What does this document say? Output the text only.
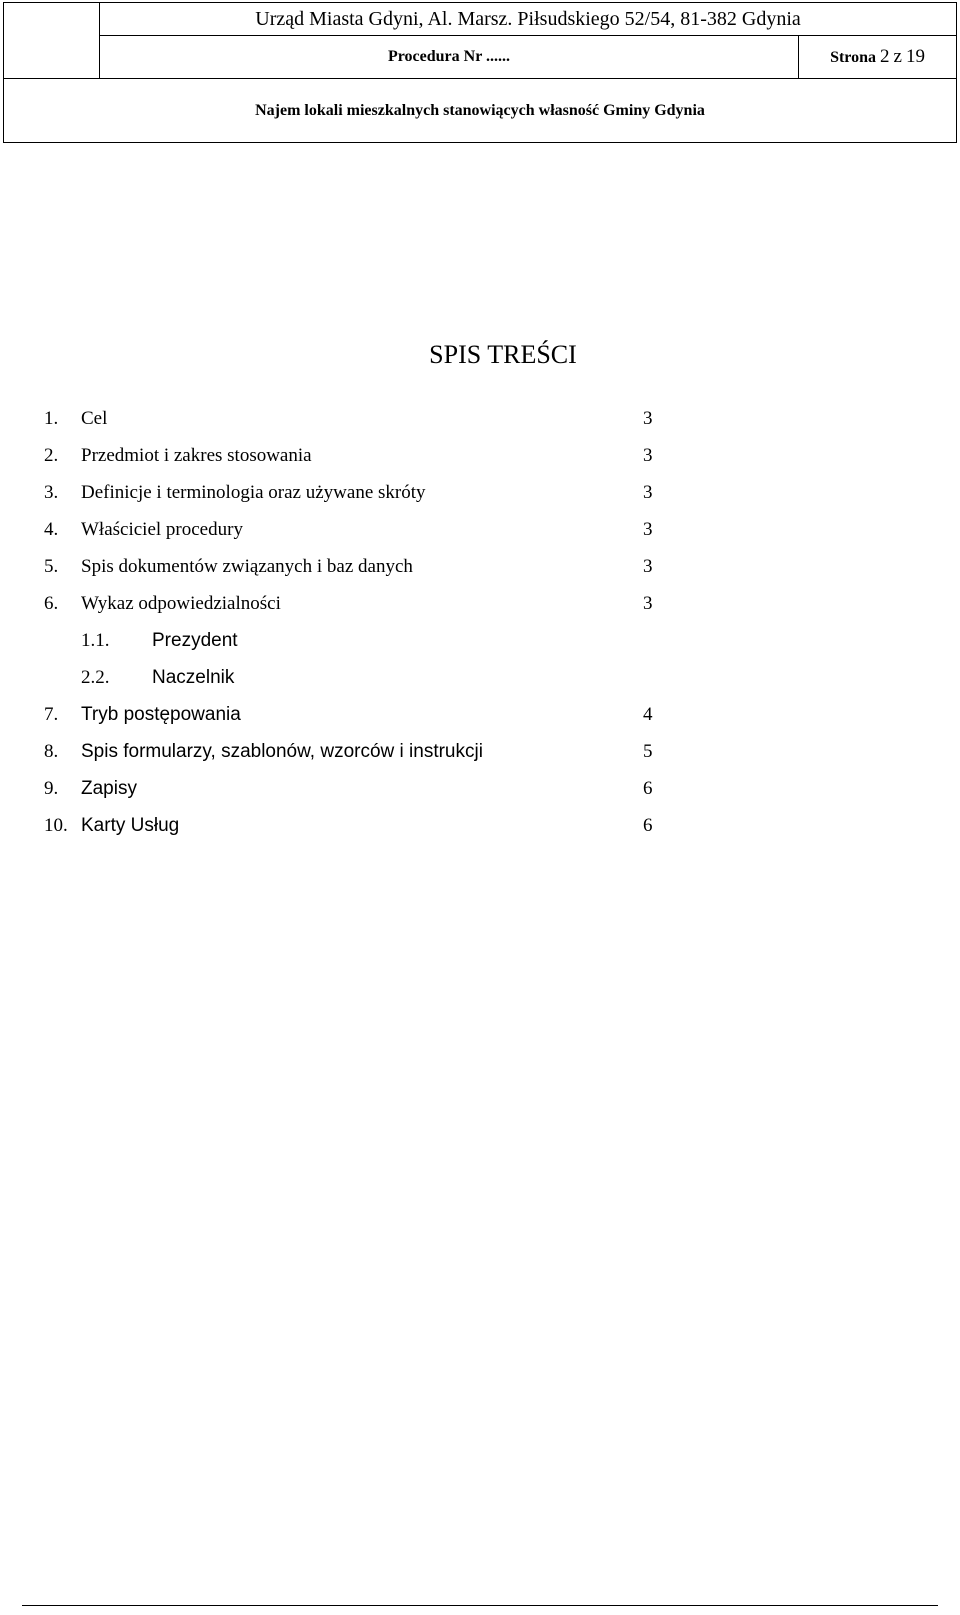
	Urząd Miasta Gdyni, Al. Marsz. Piłsudskiego 52/54, 81-382 Gdynia	
	Procedura Nr ......	Strona 2 z 19
Najem lokali mieszkalnych stanowiących własność Gminy Gdynia		
SPIS TREŚCI
1. Cel	3
2. Przedmiot i zakres stosowania	3
3. Definicje i terminologia oraz używane skróty	3
4. Właściciel procedury	3
5. Spis dokumentów związanych i baz danych	3
6. Wykaz odpowiedzialności	3
1.1. Prezydent
2.2. Naczelnik
7. Tryb postępowania	4
8. Spis formularzy, szablonów, wzorców i instrukcji	5
9. Zapisy	6
10. Karty Usług	6
